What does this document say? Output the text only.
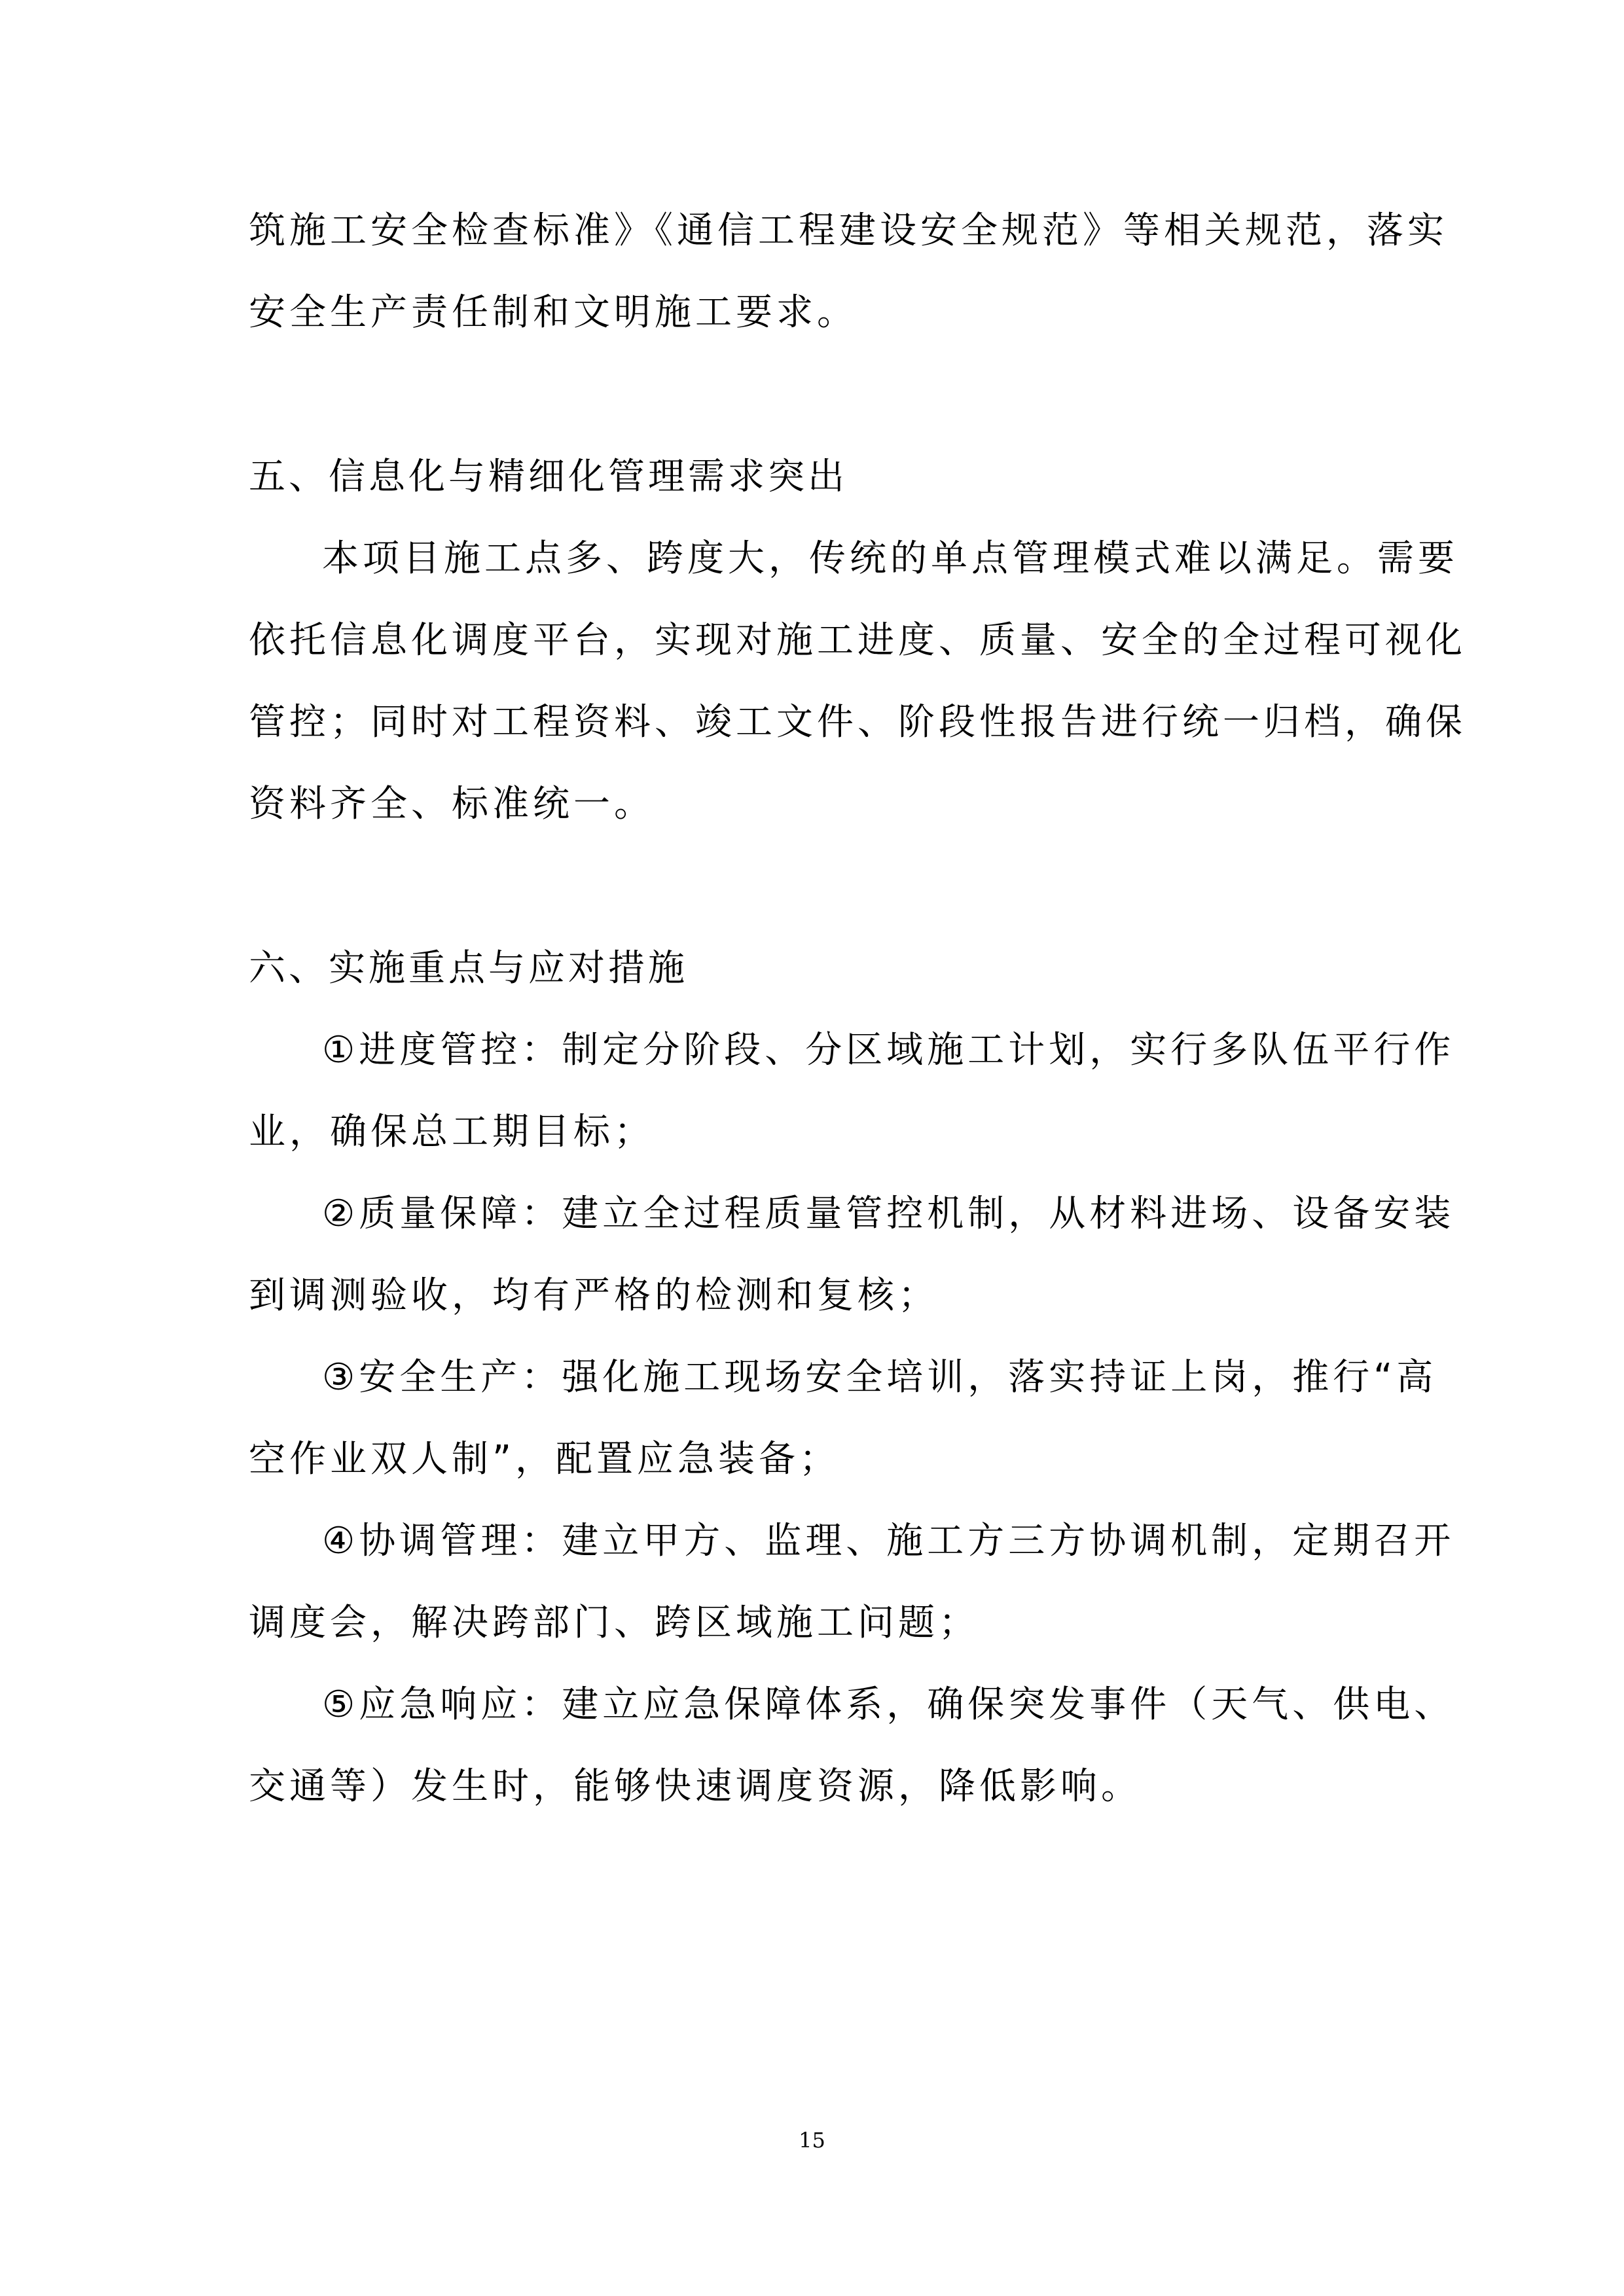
筑施工安全检查标准》《通信工程建设安全规范》等相关规范，落实
安全生产责任制和文明施工要求。
五、信息化与精细化管理需求突出
本项目施工点多、跨度大，传统的单点管理模式难以满足。需要
依托信息化调度平台，实现对施工进度、质量、安全的全过程可视化
管控；同时对工程资料、竣工文件、阶段性报告进行统一归档，确保
资料齐全、标准统一。
六、实施重点与应对措施
①进度管控：制定分阶段、分区域施工计划，实行多队伍平行作
业，确保总工期目标；
②质量保障：建立全过程质量管控机制，从材料进场、设备安装
到调测验收，均有严格的检测和复核；
③安全生产：强化施工现场安全培训，落实持证上岗，推行“高
空作业双人制”，配置应急装备；
④协调管理：建立甲方、监理、施工方三方协调机制，定期召开
调度会，解决跨部门、跨区域施工问题；
⑤应急响应：建立应急保障体系，确保突发事件（天气、供电、
交通等）发生时，能够快速调度资源，降低影响。
15
